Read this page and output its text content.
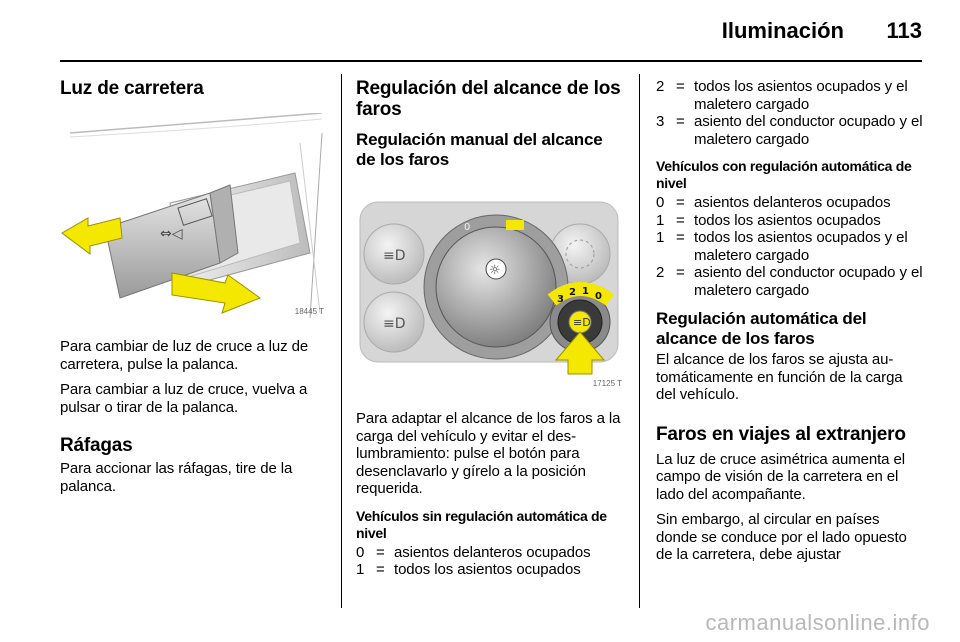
Iluminación 113
Luz de carretera
⇔◁
18445 T

Para cambiar de luz de cruce a luz de carretera, pulse la palanca.

Para cambiar a luz de cruce, vuelva a pulsar o tirar de la palanca.

Ráfagas

Para accionar las ráfagas, tire de la palanca.

Regulación del alcance de los faros
Regulación manual del alcance de los faros
≡D
≡D
☼
0
≡D
3
2 1 0
17125 T

Para adaptar el alcance de los faros a la carga del vehículo y evitar el deslumbramiento: pulse el botón para desenclavarlo y gírelo a la posición requerida.

Vehículos sin regulación automática de nivel
0 = asientos delanteros ocupados
1 = todos los asientos ocupados
2 = todos los asientos ocupados y el maletero cargado
3 = asiento del conductor ocupado y el maletero cargado
Vehículos con regulación automática de nivel
0 = asientos delanteros ocupados
1 = todos los asientos ocupados
1 = todos los asientos ocupados y el maletero cargado
2 = asiento del conductor ocupado y el maletero cargado
Regulación automática del alcance de los faros

El alcance de los faros se ajusta automáticamente en función de la carga del vehículo.

Faros en viajes al extranjero

La luz de cruce asimétrica aumenta el campo de visión de la carretera en el lado del acompañante.

Sin embargo, al circular en países donde se conduce por el lado opuesto de la carretera, debe ajustar

carmanualsonline.info
